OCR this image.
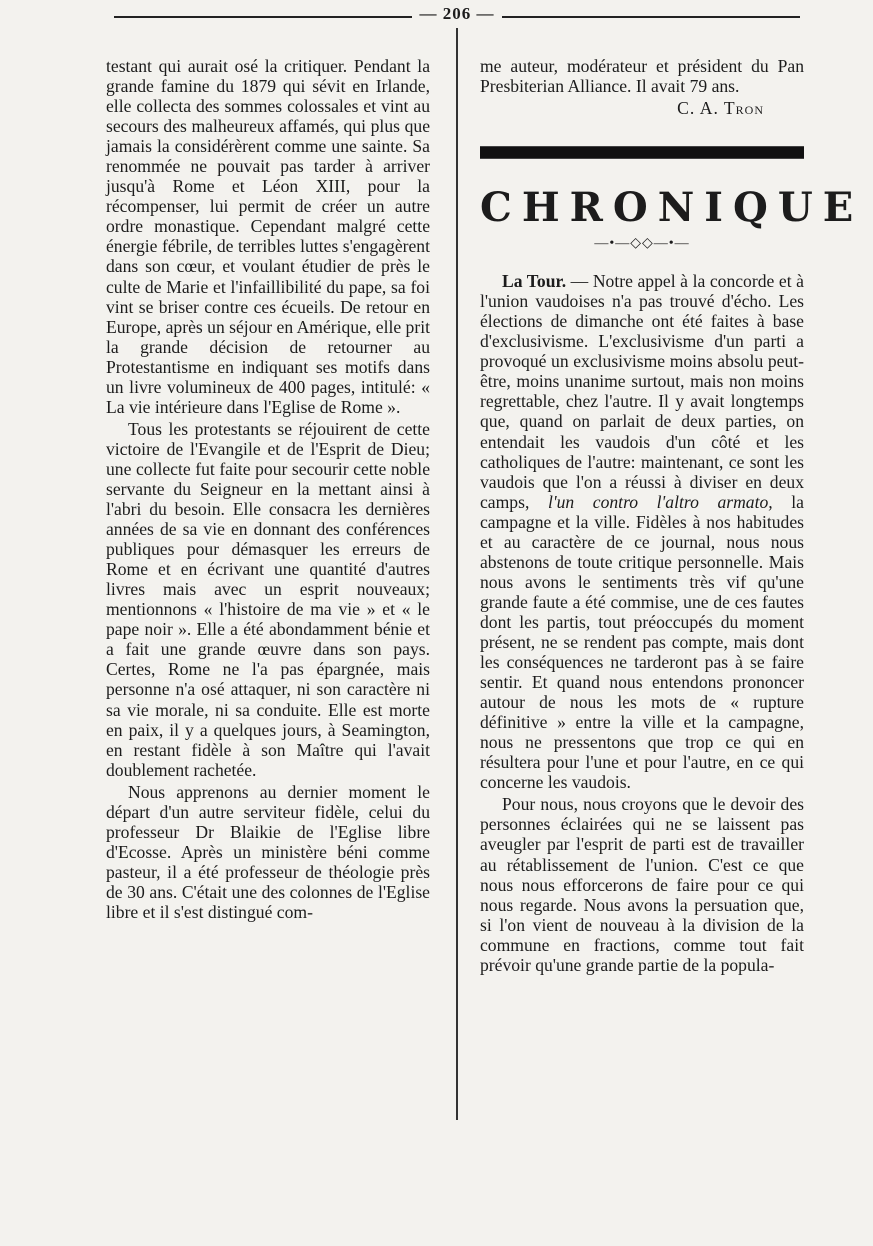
— 206 —

testant qui aurait osé la critiquer. Pendant la grande famine du 1879 qui sévit en Irlande, elle collecta des sommes colossales et vint au secours des malheureux affamés, qui plus que jamais la considérèrent comme une sainte. Sa renommée ne pouvait pas tarder à arriver jusqu'à Rome et Léon XIII, pour la récompenser, lui permit de créer un autre ordre monastique. Cependant malgré cette énergie fébrile, de terribles luttes s'engagèrent dans son cœur, et voulant étudier de près le culte de Marie et l'infaillibilité du pape, sa foi vint se briser contre ces écueils. De retour en Europe, après un séjour en Amérique, elle prit la grande décision de retourner au Protestantisme en indiquant ses motifs dans un livre volumineux de 400 pages, intitulé: « La vie intérieure dans l'Eglise de Rome ».

Tous les protestants se réjouirent de cette victoire de l'Evangile et de l'Esprit de Dieu; une collecte fut faite pour secourir cette noble servante du Seigneur en la mettant ainsi à l'abri du besoin. Elle consacra les dernières années de sa vie en donnant des conférences publiques pour démasquer les erreurs de Rome et en écrivant une quantité d'autres livres mais avec un esprit nouveaux; mentionnons « l'histoire de ma vie » et « le pape noir ». Elle a été abondamment bénie et a fait une grande œuvre dans son pays. Certes, Rome ne l'a pas épargnée, mais personne n'a osé attaquer, ni son caractère ni sa vie morale, ni sa conduite. Elle est morte en paix, il y a quelques jours, à Seamington, en restant fidèle à son Maître qui l'avait doublement rachetée.

Nous apprenons au dernier moment le départ d'un autre serviteur fidèle, celui du professeur Dr Blaikie de l'Eglise libre d'Ecosse. Après un ministère béni comme pasteur, il a été professeur de théologie près de 30 ans. C'était une des colonnes de l'Eglise libre et il s'est distingué com-

me auteur, modérateur et président du Pan Presbiterian Alliance. Il avait 79 ans.

C. A. Tron

CHRONIQUE
—•—◇◇—•—

La Tour. — Notre appel à la concorde et à l'union vaudoises n'a pas trouvé d'écho. Les élections de dimanche ont été faites à base d'exclusivisme. L'exclusivisme d'un parti a provoqué un exclusivisme moins absolu peut-être, moins unanime surtout, mais non moins regrettable, chez l'autre. Il y avait longtemps que, quand on parlait de deux parties, on entendait les vaudois d'un côté et les catholiques de l'autre: maintenant, ce sont les vaudois que l'on a réussi à diviser en deux camps, l'un contro l'altro armato, la campagne et la ville. Fidèles à nos habitudes et au caractère de ce journal, nous nous abstenons de toute critique personnelle. Mais nous avons le sentiments très vif qu'une grande faute a été commise, une de ces fautes dont les partis, tout préoccupés du moment présent, ne se rendent pas compte, mais dont les conséquences ne tarderont pas à se faire sentir. Et quand nous entendons prononcer autour de nous les mots de « rupture définitive » entre la ville et la campagne, nous ne pressentons que trop ce qui en résultera pour l'une et pour l'autre, en ce qui concerne les vaudois.

Pour nous, nous croyons que le devoir des personnes éclairées qui ne se laissent pas aveugler par l'esprit de parti est de travailler au rétablissement de l'union. C'est ce que nous nous efforcerons de faire pour ce qui nous regarde. Nous avons la persuation que, si l'on vient de nouveau à la division de la commune en fractions, comme tout fait prévoir qu'une grande partie de la popula-
